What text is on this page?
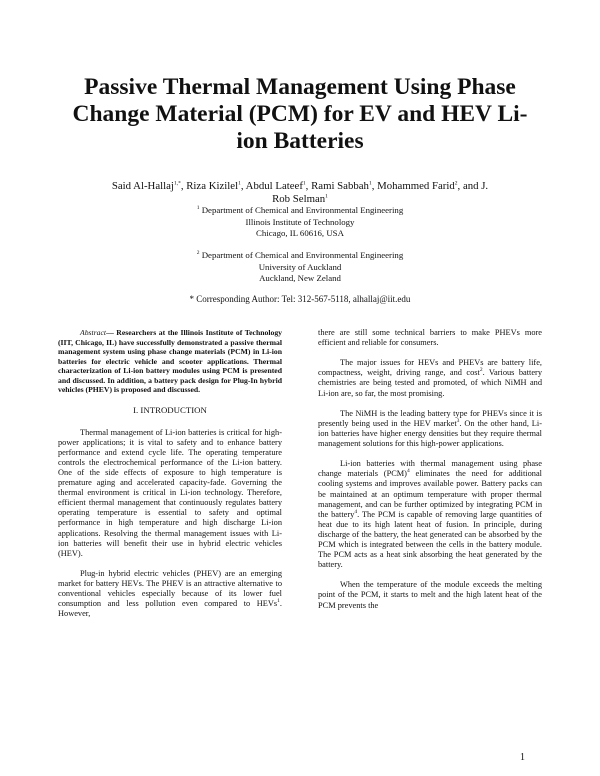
Passive Thermal Management Using Phase Change Material (PCM) for EV and HEV Li-ion Batteries
Said Al-Hallaj$^{1,*}$, Riza Kizilel$^1$, Abdul Lateef$^1$, Rami Sabbah$^1$, Mohammed Farid$^2$, and J. Rob Selman$^1$
$^1$ Department of Chemical and Environmental Engineering
Illinois Institute of Technology
Chicago, IL 60616, USA
$^2$ Department of Chemical and Environmental Engineering
University of Auckland
Auckland, New Zeland
* Corresponding Author: Tel: 312-567-5118, alhallaj@iit.edu

Abstract— Researchers at the Illinois Institute of Technology (IIT, Chicago, IL) have successfully demonstrated a passive thermal management system using phase change materials (PCM) in Li-ion batteries for electric vehicle and scooter applications. Thermal characterization of Li-ion battery modules using PCM is presented and discussed. In addition, a battery pack design for Plug-In hybrid vehicles (PHEV) is proposed and discussed.

I. INTRODUCTION

Thermal management of Li-ion batteries is critical for high-power applications; it is vital to safety and to enhance battery performance and extend cycle life. The operating temperature controls the electrochemical performance of the Li-ion battery. One of the side effects of exposure to high temperature is premature aging and accelerated capacity-fade. Governing the thermal environment is critical in Li-ion technology. Therefore, efficient thermal management that continuously regulates battery operating temperature is essential to safety and optimal performance in high temperature and high discharge Li-ion applications. Resolving the thermal management issues with Li-ion batteries will benefit their use in hybrid electric vehicles (HEV).

Plug-in hybrid electric vehicles (PHEV) are an emerging market for battery HEVs. The PHEV is an attractive alternative to conventional vehicles especially because of its lower fuel consumption and less pollution even compared to HEVs$^1$. However,

there are still some technical barriers to make PHEVs more efficient and reliable for consumers.

The major issues for HEVs and PHEVs are battery life, compactness, weight, driving range, and cost$^2$. Various battery chemistries are being tested and promoted, of which NiMH and Li-ion are, so far, the most promising.

The NiMH is the leading battery type for PHEVs since it is presently being used in the HEV market$^3$. On the other hand, Li-ion batteries have higher energy densities but they require thermal management solutions for this high-power applications.

Li-ion batteries with thermal management using phase change materials (PCM)$^4$ eliminates the need for additional cooling systems and improves available power. Battery packs can be maintained at an optimum temperature with proper thermal management, and can be further optimized by integrating PCM in the battery$^4$. The PCM is capable of removing large quantities of heat due to its high latent heat of fusion. In principle, during discharge of the battery, the heat generated can be absorbed by the PCM which is integrated between the cells in the battery module. The PCM acts as a heat sink absorbing the heat generated by the battery.

When the temperature of the module exceeds the melting point of the PCM, it starts to melt and the high latent heat of the PCM prevents the

1
